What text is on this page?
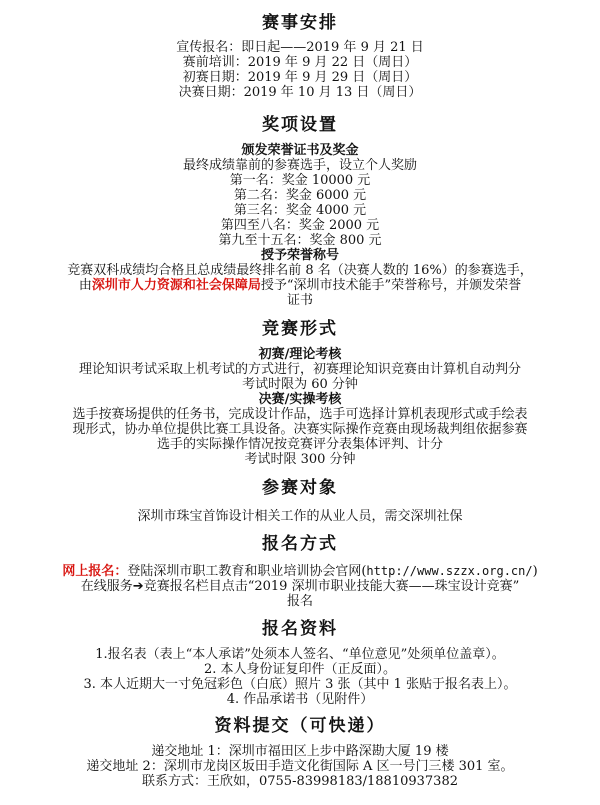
赛事安排
宣传报名：即日起——2019 年 9 月 21 日
赛前培训：2019 年 9 月 22 日（周日）
初赛日期：2019 年 9 月 29 日（周日）
决赛日期：2019 年 10 月 13 日（周日）
奖项设置
颁发荣誉证书及奖金
最终成绩靠前的参赛选手，设立个人奖励
第一名：奖金 10000 元
第二名：奖金 6000 元
第三名：奖金 4000 元
第四至八名：奖金 2000 元
第九至十五名：奖金 800 元
授予荣誉称号
竞赛双科成绩均合格且总成绩最终排名前 8 名（决赛人数的 16%）的参赛选手，
由深圳市人力资源和社会保障局授予“深圳市技术能手”荣誉称号，并颁发荣誉
证书
竞赛形式
初赛/理论考核
理论知识考试采取上机考试的方式进行，初赛理论知识竞赛由计算机自动判分
考试时限为 60 分钟
决赛/实操考核
选手按赛场提供的任务书，完成设计作品，选手可选择计算机表现形式或手绘表
现形式，协办单位提供比赛工具设备。决赛实际操作竞赛由现场裁判组依据参赛
选手的实际操作情况按竞赛评分表集体评判、计分
考试时限 300 分钟
参赛对象
深圳市珠宝首饰设计相关工作的从业人员，需交深圳社保
报名方式
网上报名：登陆深圳市职工教育和职业培训协会官网(http://www.szzx.org.cn/)
在线服务➔竞赛报名栏目点击“2019 深圳市职业技能大赛——珠宝设计竞赛”
报名
报名资料
1.报名表（表上“本人承诺”处须本人签名、“单位意见”处须单位盖章）。
2. 本人身份证复印件（正反面）。
3. 本人近期大一寸免冠彩色（白底）照片 3 张（其中 1 张贴于报名表上）。
4. 作品承诺书（见附件）
资料提交（可快递）
递交地址 1：深圳市福田区上步中路深勘大厦 19 楼
递交地址 2：深圳市龙岗区坂田手造文化街国际 A 区一号门三楼 301 室。
联系方式：王欣如，0755-83998183/18810937382
